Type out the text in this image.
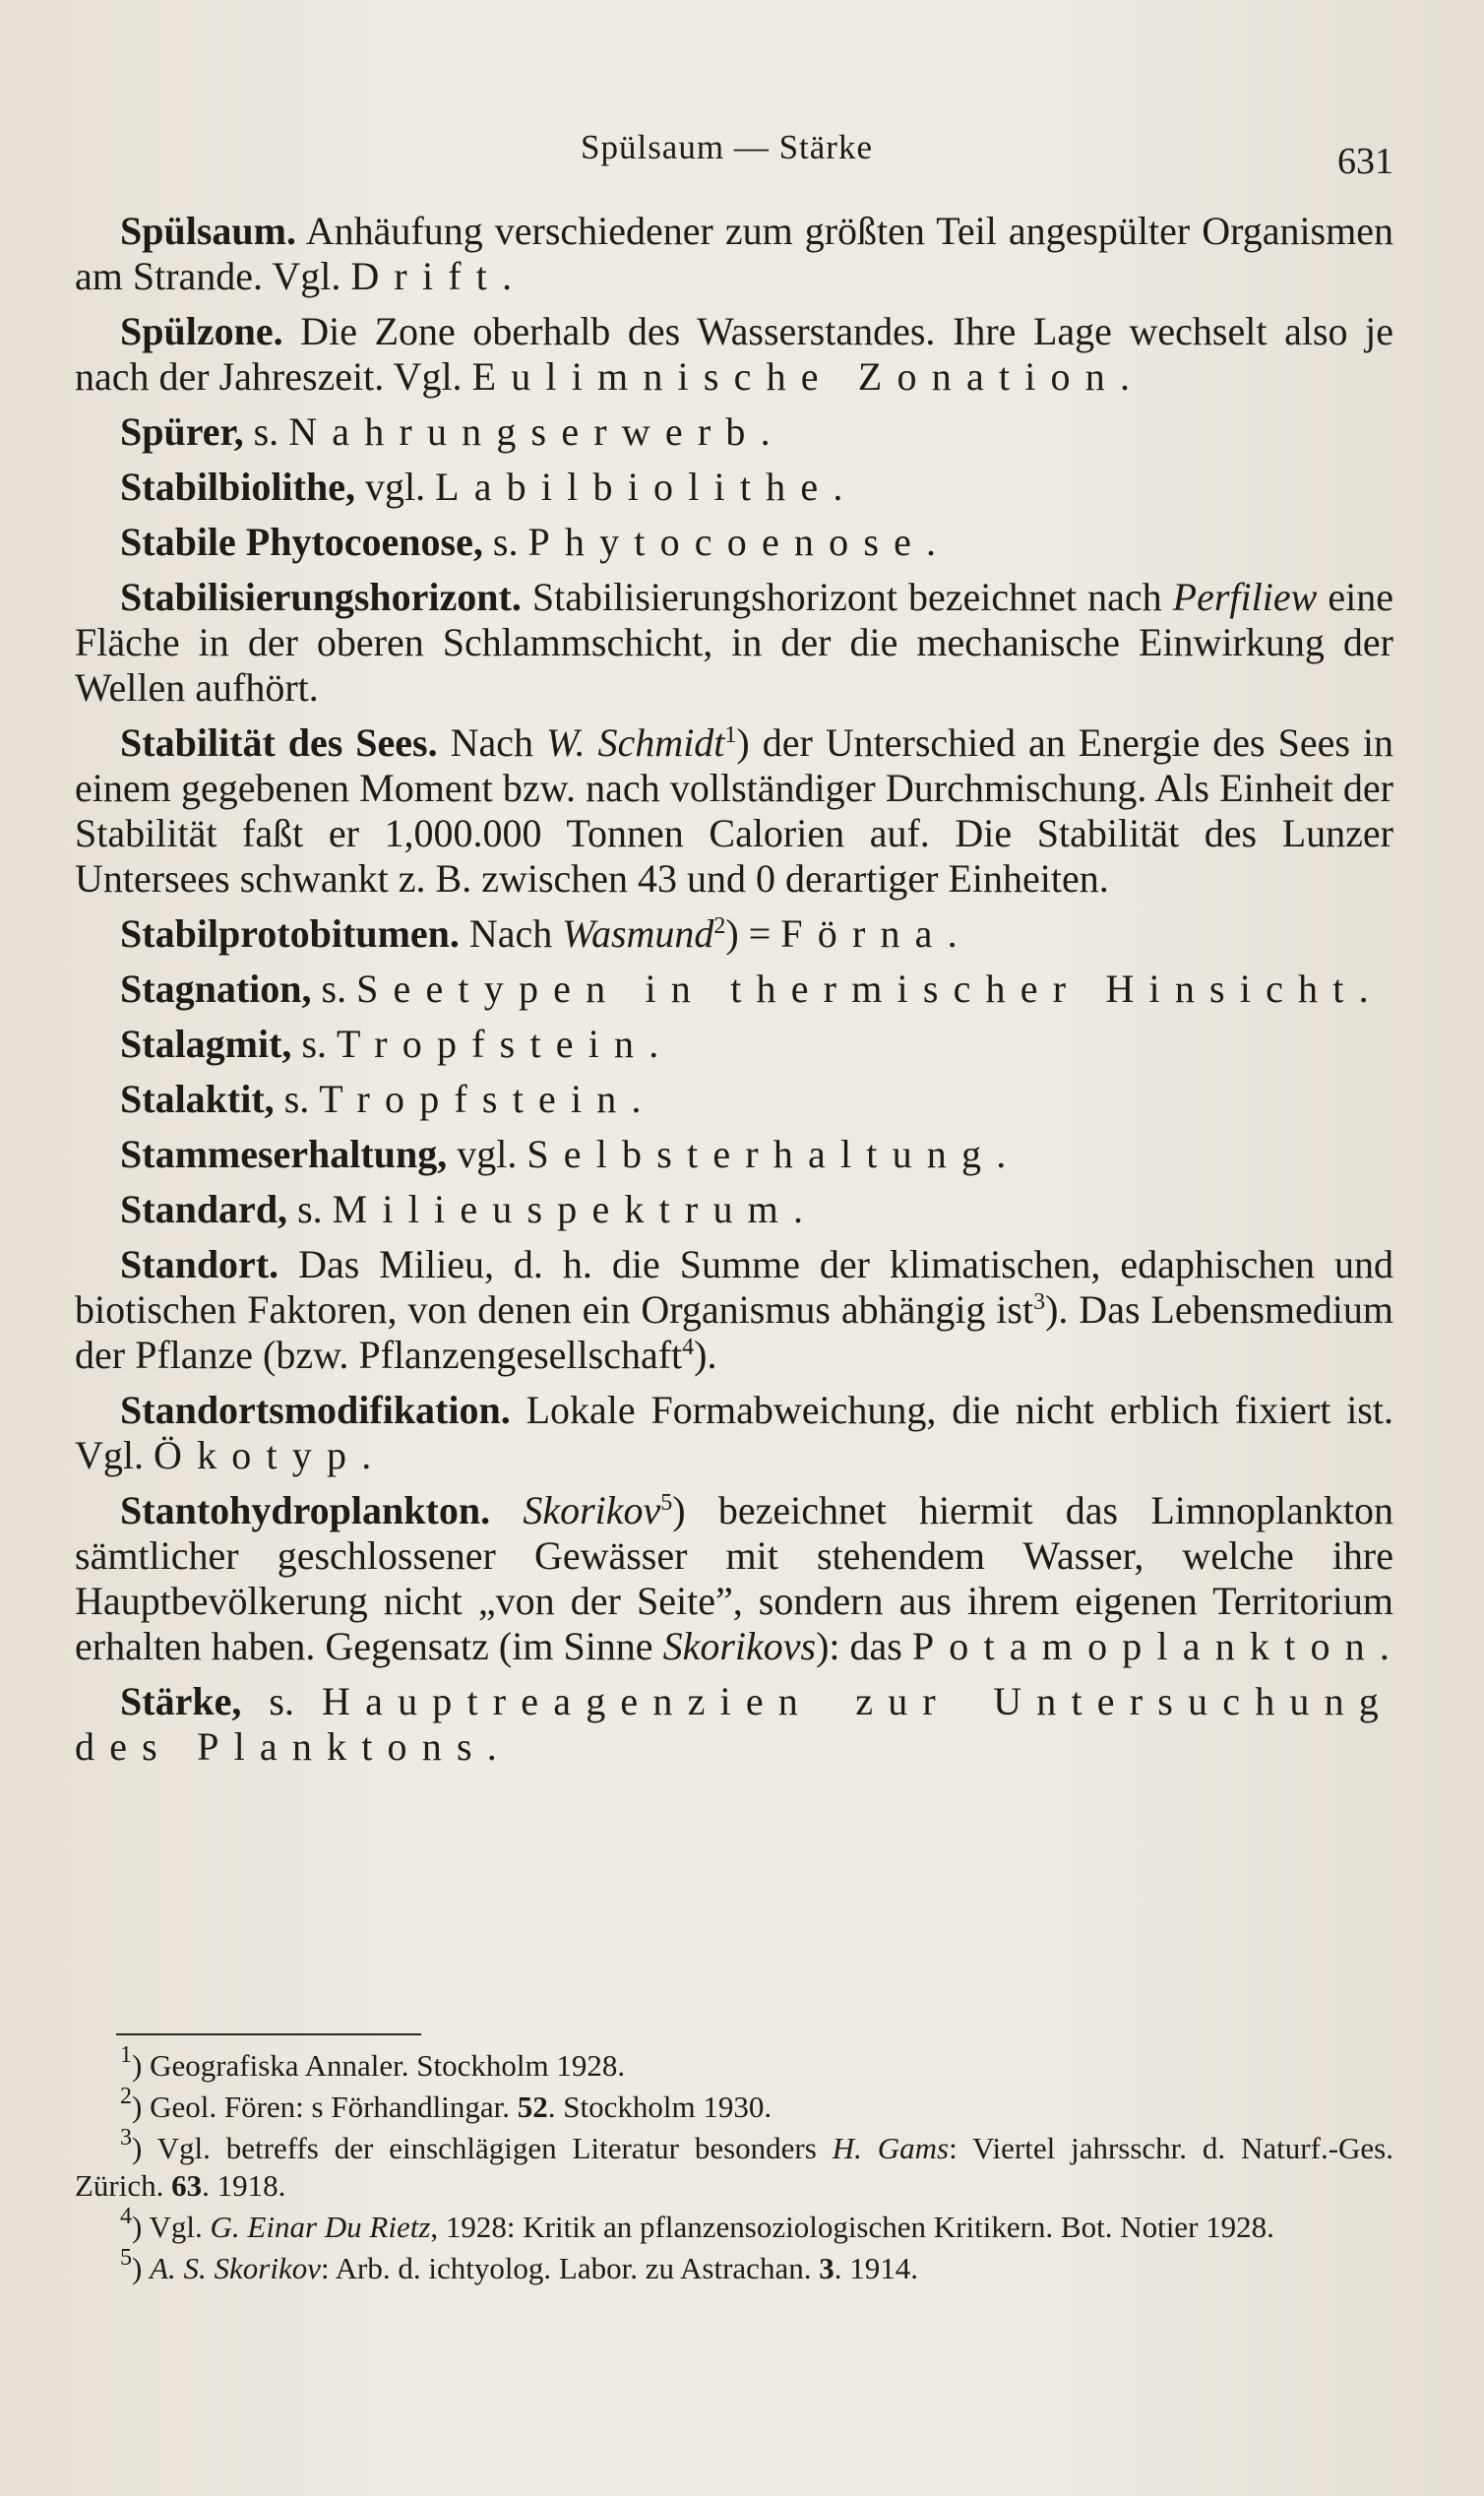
Spülsaum — Stärke	631

Spülsaum. Anhäufung verschiedener zum größten Teil angespülter Organismen am Strande. Vgl. Drift.

Spülzone. Die Zone oberhalb des Wasserstandes. Ihre Lage wechselt also je nach der Jahreszeit. Vgl. Eulimnische Zonation.

Spürer, s. Nahrungserwerb.

Stabilbiolithe, vgl. Labilbiolithe.

Stabile Phytocoenose, s. Phytocoenose.

Stabilisierungshorizont. Stabilisierungshorizont bezeichnet nach Perfiliew eine Fläche in der oberen Schlammschicht, in der die mechanische Einwirkung der Wellen aufhört.

Stabilität des Sees. Nach W. Schmidt$^1$) der Unterschied an Energie des Sees in einem gegebenen Moment bzw. nach vollständiger Durchmischung. Als Einheit der Stabilität faßt er 1,000.000 Tonnen Calorien auf. Die Stabilität des Lunzer Untersees schwankt z. B. zwischen 43 und 0 derartiger Einheiten.

Stabilprotobitumen. Nach Wasmund$^2$) = Förna.

Stagnation, s. Seetypen in thermischer Hinsicht.

Stalagmit, s. Tropfstein.

Stalaktit, s. Tropfstein.

Stammeserhaltung, vgl. Selbsterhaltung.

Standard, s. Milieuspektrum.

Standort. Das Milieu, d. h. die Summe der klimatischen, edaphischen und biotischen Faktoren, von denen ein Organismus abhängig ist$^3$). Das Lebensmedium der Pflanze (bzw. Pflanzengesellschaft$^4$).

Standortsmodifikation. Lokale Formabweichung, die nicht erblich fixiert ist. Vgl. Ökotyp.

Stantohydroplankton. Skorikov$^5$) bezeichnet hiermit das Limnoplankton sämtlicher geschlossener Gewässer mit stehendem Wasser, welche ihre Hauptbevölkerung nicht „von der Seite”, sondern aus ihrem eigenen Territorium erhalten haben. Gegensatz (im Sinne Skorikovs): das Potamoplankton.

Stärke, s. Hauptreagenzien zur Untersuchung des Planktons.

$^1$) Geografiska Annaler. Stockholm 1928.

$^2$) Geol. Fören: s Förhandlingar. 52. Stockholm 1930.

$^3$) Vgl. betreffs der einschlägigen Literatur besonders H. Gams: Viertel jahrsschr. d. Naturf.-Ges. Zürich. 63. 1918.

$^4$) Vgl. G. Einar Du Rietz, 1928: Kritik an pflanzensoziologischen Kritikern. Bot. Notier 1928.

$^5$) A. S. Skorikov: Arb. d. ichtyolog. Labor. zu Astrachan. 3. 1914.
